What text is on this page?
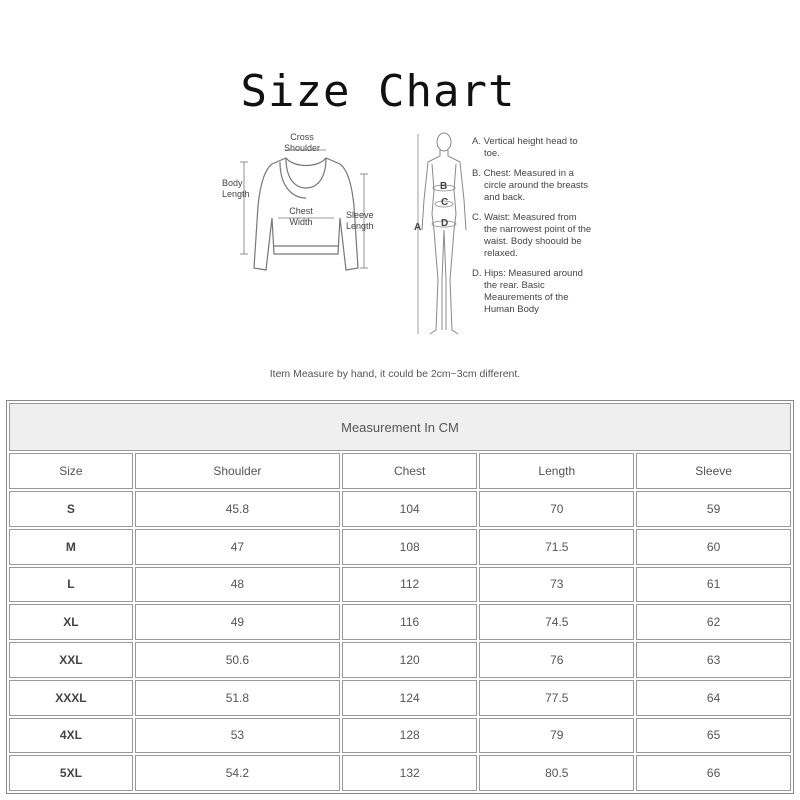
Size Chart
Cross Shoulder
Body Length
Chest Width
Sleeve Length	A
B
C
D

A. Vertical height head to toe.

B. Chest: Measured in a circle around the breasts and back.

C. Waist: Measured from the narrowest point of the waist. Body shoould be relaxed.

D. Hips: Measured around the rear. Basic Meaurements of the Human Body

Item Measure by hand, it could be 2cm~3cm different.
Measurement In CM				
Size	Shoulder	Chest	Length	Sleeve
S	45.8	104	70	59
M	47	108	71.5	60
L	48	112	73	61
XL	49	116	74.5	62
XXL	50.6	120	76	63
XXXL	51.8	124	77.5	64
4XL	53	128	79	65
5XL	54.2	132	80.5	66
